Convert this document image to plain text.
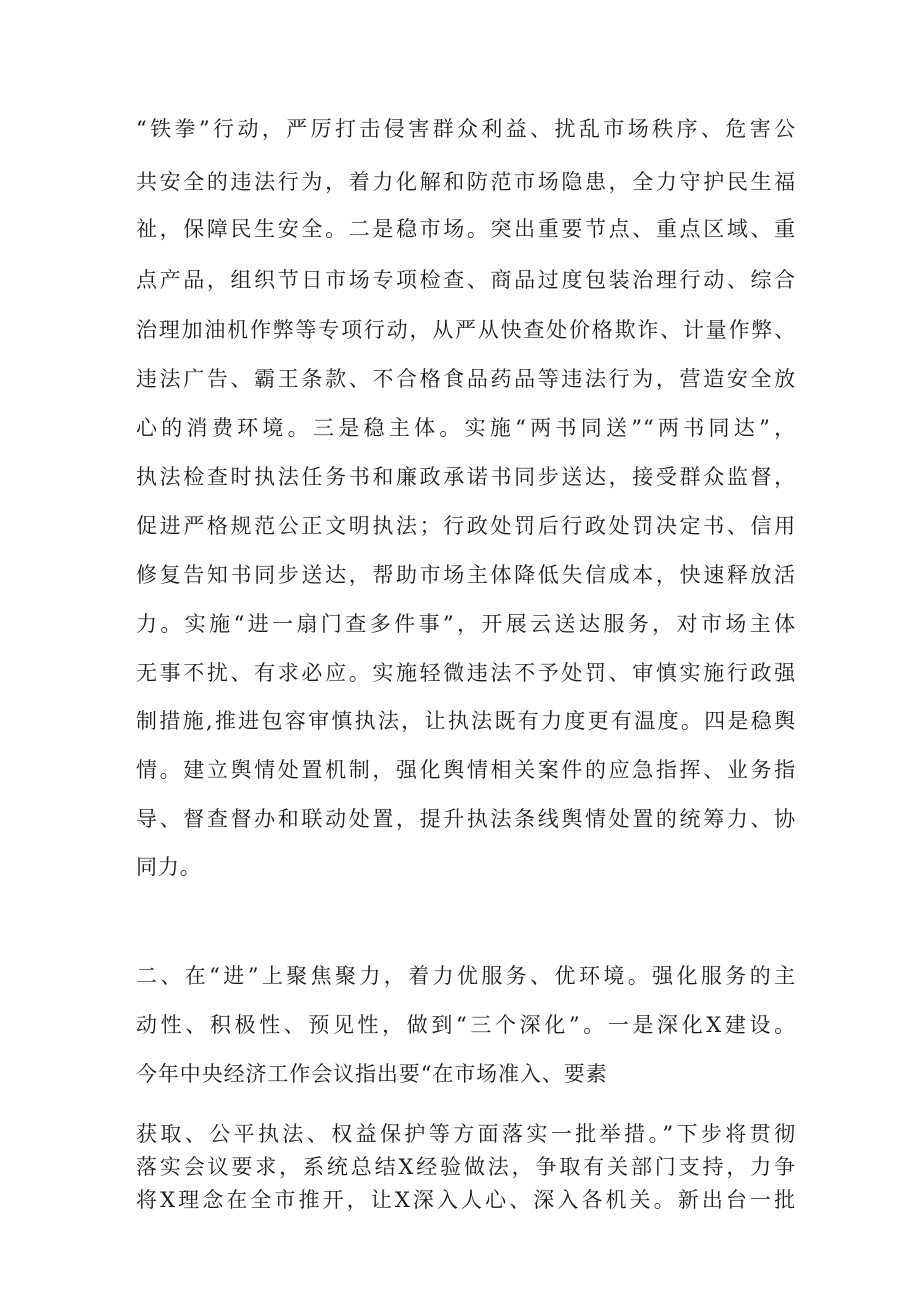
“铁拳”行动，严厉打击侵害群众利益、扰乱市场秩序、危害公
共安全的违法行为，着力化解和防范市场隐患，全力守护民生福
祉，保障民生安全。二是稳市场。突出重要节点、重点区域、重
点产品，组织节日市场专项检查、商品过度包装治理行动、综合
治理加油机作弊等专项行动，从严从快查处价格欺诈、计量作弊、
违法广告、霸王条款、不合格食品药品等违法行为，营造安全放
心的消费环境。三是稳主体。实施“两书同送”“两书同达”，
执法检查时执法任务书和廉政承诺书同步送达，接受群众监督，
促进严格规范公正文明执法；行政处罚后行政处罚决定书、信用
修复告知书同步送达，帮助市场主体降低失信成本，快速释放活
力。实施“进一扇门查多件事”，开展云送达服务，对市场主体
无事不扰、有求必应。实施轻微违法不予处罚、审慎实施行政强
制措施,推进包容审慎执法，让执法既有力度更有温度。四是稳舆
情。建立舆情处置机制，强化舆情相关案件的应急指挥、业务指
导、督查督办和联动处置，提升执法条线舆情处置的统筹力、协
同力。
二、在“进”上聚焦聚力，着力优服务、优环境。强化服务的主
动性、积极性、预见性，做到“三个深化”。一是深化X建设。
今年中央经济工作会议指出要“在市场准入、要素
获取、公平执法、权益保护等方面落实一批举措。”下步将贯彻
落实会议要求，系统总结X经验做法，争取有关部门支持，力争
将X理念在全市推开，让X深入人心、深入各机关。新出台一批
